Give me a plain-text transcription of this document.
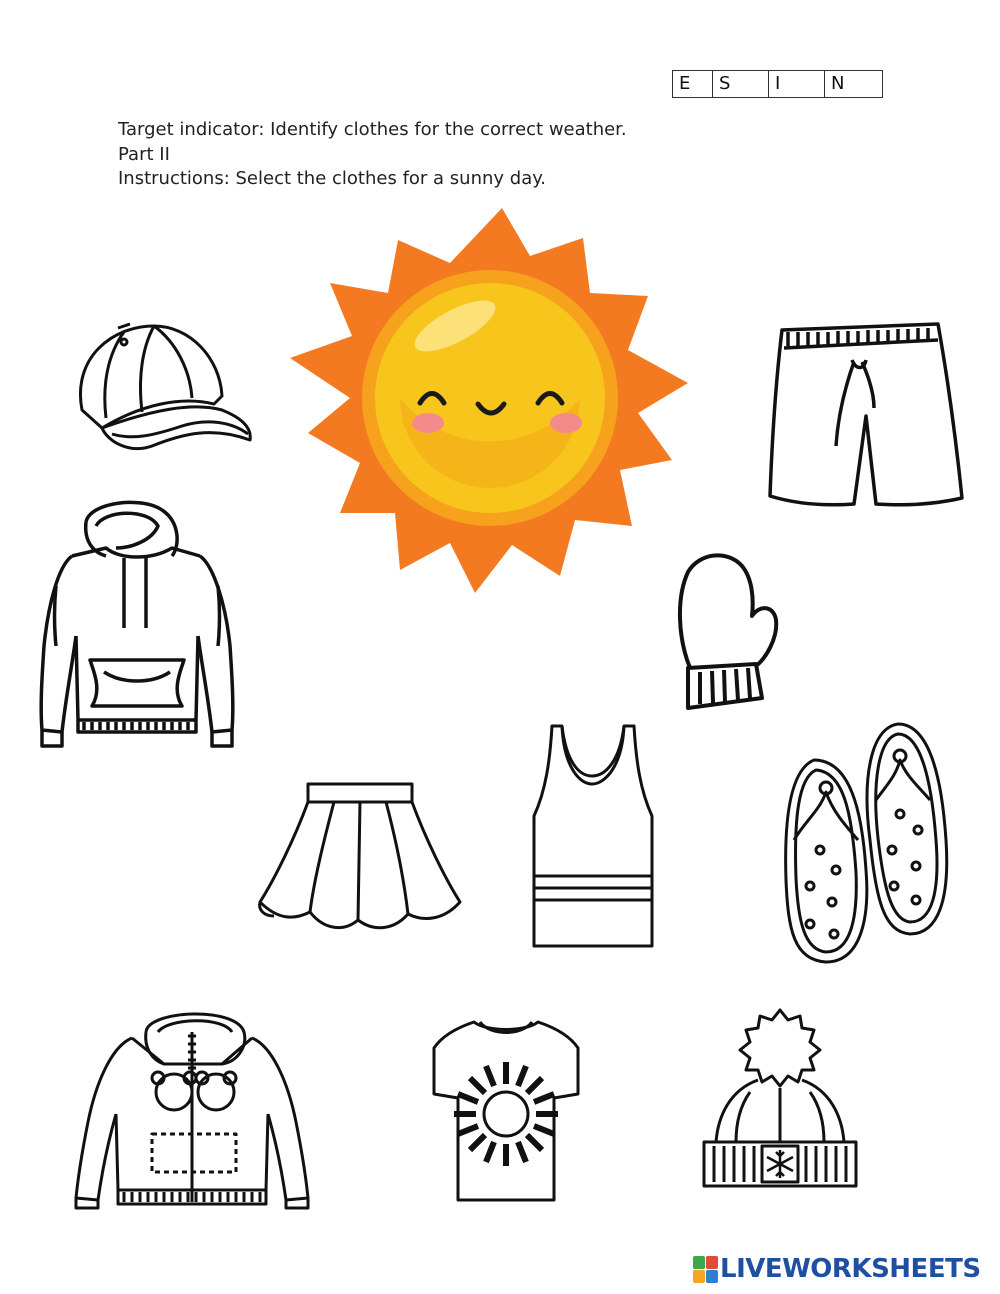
E	S	I	N
Target indicator: Identify clothes for the correct weather.
Part II
Instructions: Select the clothes for a sunny day.
LIVEWORKSHEETS
